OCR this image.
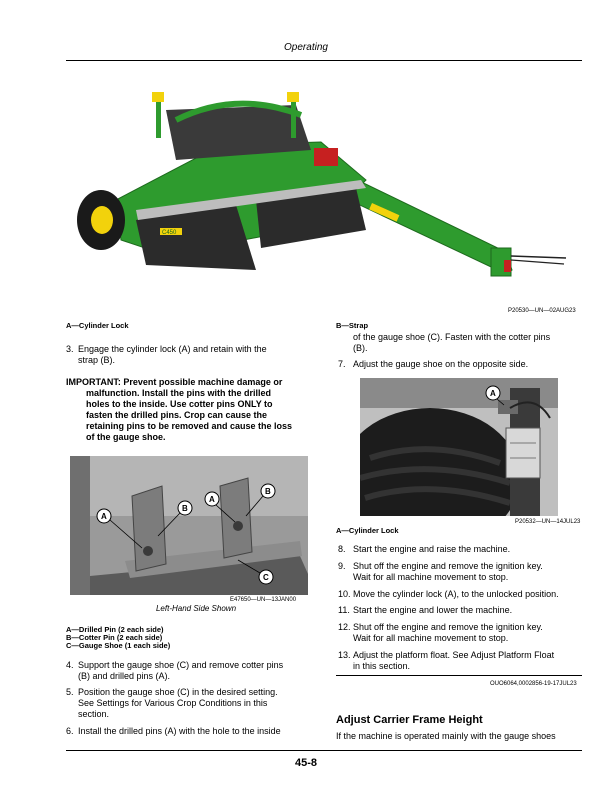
Operating
C450
P20530—UN—02AUG23
A—Cylinder Lock	B—Strap
3. Engage the cylinder lock (A) and retain with the
strap (B).
IMPORTANT: Prevent possible machine damage or
malfunction. Install the pins with the drilled
holes to the inside. Use cotter pins ONLY to
fasten the drilled pins. Crop can cause the
retaining pins to be removed and cause the loss
of the gauge shoe.
A
B
A
B
C
E47650—UN—13JAN00
Left-Hand Side Shown
A—Drilled Pin (2 each side)
B—Cotter Pin (2 each side)
C—Gauge Shoe (1 each side)
4. Support the gauge shoe (C) and remove cotter pins
(B) and drilled pins (A).
5. Position the gauge shoe (C) in the desired setting.
See Settings for Various Crop Conditions in this
section.
6. Install the drilled pins (A) with the hole to the inside
of the gauge shoe (C). Fasten with the cotter pins
(B).
7. Adjust the gauge shoe on the opposite side.
A
P20532—UN—14JUL23
A—Cylinder Lock
8. Start the engine and raise the machine.
9. Shut off the engine and remove the ignition key.
Wait for all machine movement to stop.
10. Move the cylinder lock (A), to the unlocked position.
11. Start the engine and lower the machine.
12. Shut off the engine and remove the ignition key.
Wait for all machine movement to stop.
13. Adjust the platform float. See Adjust Platform Float
in this section.
OUO6064,0002856-19-17JUL23
Adjust Carrier Frame Height
If the machine is operated mainly with the gauge shoes
45-8
